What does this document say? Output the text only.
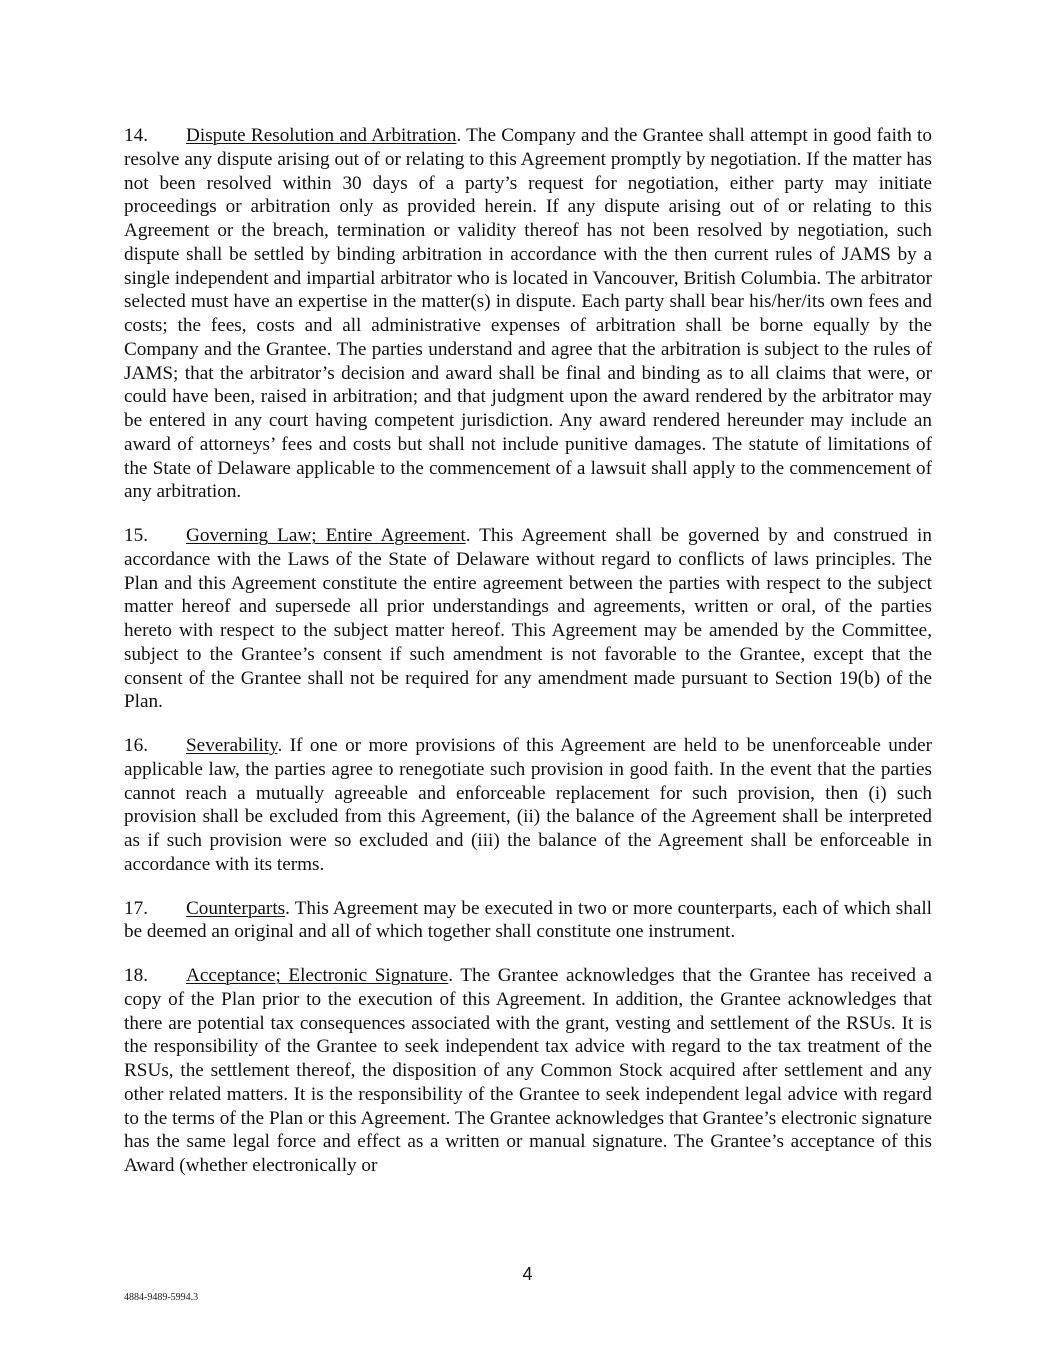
14. Dispute Resolution and Arbitration. The Company and the Grantee shall attempt in good faith to resolve any dispute arising out of or relating to this Agreement promptly by negotiation. If the matter has not been resolved within 30 days of a party’s request for negotiation, either party may initiate proceedings or arbitration only as provided herein. If any dispute arising out of or relating to this Agreement or the breach, termination or validity thereof has not been resolved by negotiation, such dispute shall be settled by binding arbitration in accordance with the then current rules of JAMS by a single independent and impartial arbitrator who is located in Vancouver, British Columbia. The arbitrator selected must have an expertise in the matter(s) in dispute. Each party shall bear his/her/its own fees and costs; the fees, costs and all administrative expenses of arbitration shall be borne equally by the Company and the Grantee. The parties understand and agree that the arbitration is subject to the rules of JAMS; that the arbitrator’s decision and award shall be final and binding as to all claims that were, or could have been, raised in arbitration; and that judgment upon the award rendered by the arbitrator may be entered in any court having competent jurisdiction. Any award rendered hereunder may include an award of attorneys’ fees and costs but shall not include punitive damages. The statute of limitations of the State of Delaware applicable to the commencement of a lawsuit shall apply to the commencement of any arbitration.

15. Governing Law; Entire Agreement. This Agreement shall be governed by and construed in accordance with the Laws of the State of Delaware without regard to conflicts of laws principles. The Plan and this Agreement constitute the entire agreement between the parties with respect to the subject matter hereof and supersede all prior understandings and agreements, written or oral, of the parties hereto with respect to the subject matter hereof. This Agreement may be amended by the Committee, subject to the Grantee’s consent if such amendment is not favorable to the Grantee, except that the consent of the Grantee shall not be required for any amendment made pursuant to Section 19(b) of the Plan.

16. Severability. If one or more provisions of this Agreement are held to be unenforceable under applicable law, the parties agree to renegotiate such provision in good faith. In the event that the parties cannot reach a mutually agreeable and enforceable replacement for such provision, then (i) such provision shall be excluded from this Agreement, (ii) the balance of the Agreement shall be interpreted as if such provision were so excluded and (iii) the balance of the Agreement shall be enforceable in accordance with its terms.

17. Counterparts. This Agreement may be executed in two or more counterparts, each of which shall be deemed an original and all of which together shall constitute one instrument.

18. Acceptance; Electronic Signature. The Grantee acknowledges that the Grantee has received a copy of the Plan prior to the execution of this Agreement. In addition, the Grantee acknowledges that there are potential tax consequences associated with the grant, vesting and settlement of the RSUs. It is the responsibility of the Grantee to seek independent tax advice with regard to the tax treatment of the RSUs, the settlement thereof, the disposition of any Common Stock acquired after settlement and any other related matters. It is the responsibility of the Grantee to seek independent legal advice with regard to the terms of the Plan or this Agreement. The Grantee acknowledges that Grantee’s electronic signature has the same legal force and effect as a written or manual signature. The Grantee’s acceptance of this Award (whether electronically or

4
4884-9489-5994.3
